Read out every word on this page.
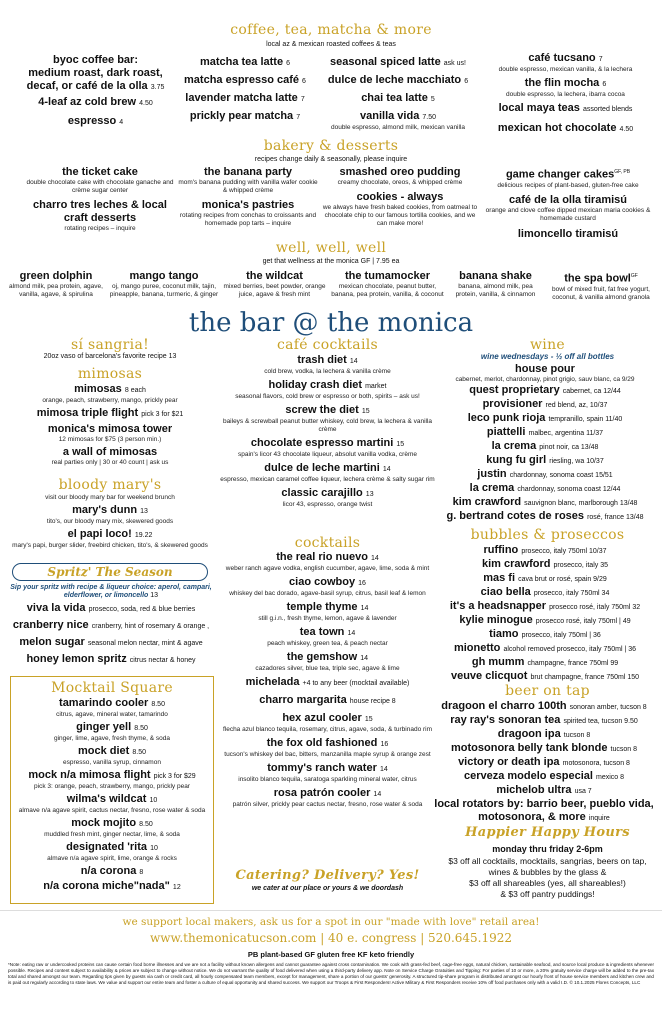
coffee, tea, matcha & more
local az & mexican roasted coffees & teas
byoc coffee bar:
medium roast, dark roast,
decaf, or café de la olla 3.75
4-leaf az cold brew 4.50
espresso 4
matcha tea latte 6
matcha espresso café 6
lavender matcha latte 7
prickly pear matcha 7
seasonal spiced latte ask us!
dulce de leche macchiato 6
chai tea latte 5
vanilla vida 7.50
double espresso, almond milk, mexican vanilla
café tucsano 7
double espresso, mexican vanilla, & la lechera
the flin mocha 6
double espresso, la lechera, ibarra cocoa
local maya teas assorted blends
mexican hot chocolate 4.50
bakery & desserts
recipes change daily & seasonally, please inquire
the ticket cake
double chocolate cake with chocolate ganache and crème sugar center
charro tres leches & local craft desserts
rotating recipes – inquire
the banana party
mom's banana pudding with vanilla wafer cookie & whipped crème
monica's pastries
rotating recipes from conchas to croissants and homemade pop tarts – inquire
smashed oreo pudding
creamy chocolate, oreos, & whipped crème
cookies - always
we always have fresh baked cookies, from oatmeal to chocolate chip to our famous tortilla cookies, and we can make more!
game changer cakes$^{GF, PB}$
delicious recipes of plant-based, gluten-free cake
café de la olla tiramisú
orange and clove coffee dipped mexican maria cookies & homemade custard
limoncello tiramisú
well, well, well
get that wellness at the monica GF | 7.95 ea
green dolphin
almond milk, pea protein, agave, vanilla, agave, & spirulina
mango tango
oj, mango puree, coconut milk, tajin, pineapple, banana, turmeric, & ginger
the wildcat
mixed berries, beet powder, orange juice, agave & fresh mint
the tumamocker
mexican chocolate, peanut butter, banana, pea protein, vanilla, & coconut
banana shake
banana, almond milk, pea protein, vanilla, & cinnamon
the spa bowl$^{GF}$
bowl of mixed fruit, fat free yogurt, coconut, & vanilla almond granola
the bar @ the monica
sí sangria!
20oz vaso of barcelona's favorite recipe 13
mimosas
mimosas 8 each
orange, peach, strawberry, mango, prickly pear
mimosa triple flight pick 3 for $21
monica's mimosa tower
12 mimosas for $75 (3 person min.)
a wall of mimosas
real parties only | 30 or 40 count | ask us
bloody mary's
visit our bloody mary bar for weekend brunch
mary's dunn 13
tito's, our bloody mary mix, skewered goods
el papi loco! 19.22
mary's papi, burger slider, freebird chicken, tito's, & skewered goods
Spritz' The Season
Sip your spritz with recipe & liqueur choice: aperol, campari, elderflower, or limoncello 13
viva la vida prosecco, soda, red & blue berries
cranberry nice cranberry, hint of rosemary & orange ,
melon sugar seasonal melon nectar, mint & agave
honey lemon spritz citrus nectar & honey
Mocktail Square
tamarindo cooler 8.50
citrus, agave, mineral water, tamarindo
ginger yell 8.50
ginger, lime, agave, fresh thyme, & soda
mock diet 8.50
espresso, vanilla syrup, cinnamon
mock n/a mimosa flight pick 3 for $29
pick 3: orange, peach, strawberry, mango, prickly pear
wilma's wildcat 10
almave n/a agave spirit, cactus nectar, fresno, rose water & soda
mock mojito 8.50
muddled fresh mint, ginger nectar, lime, & soda
designated 'rita 10
almave n/a agave spirit, lime, orange & rocks
n/a corona 8
n/a corona miche"nada" 12
café cocktails
trash diet 14
cold brew, vodka, la lechera & vanilla crème
holiday crash diet market
seasonal flavors, cold brew or espresso or both, spirits – ask us!
screw the diet 15
baileys & screwball peanut butter whiskey, cold brew, la lechera & vanilla crème
chocolate espresso martini 15
spain's licor 43 chocolate liqueur, absolut vanilla vodka, crème
dulce de leche martini 14
espresso, mexican caramel coffee liqueur, lechera crème & salty sugar rim
classic carajillo 13
licor 43, espresso, orange twist
cocktails
the real rio nuevo 14
weber ranch agave vodka, english cucumber, agave, lime, soda & mint
ciao cowboy 16
whiskey del bac dorado, agave-basil syrup, citrus, basil leaf & lemon
temple thyme 14
still g.i.n., fresh thyme, lemon, agave & lavender
tea town 14
peach whiskey, green tea, & peach nectar
the gemshow 14
cazadores silver, blue tea, triple sec, agave & lime
michelada +4 to any beer (mocktail available)
charro margarita house recipe 8
hex azul cooler 15
flecha azul blanco tequila, rosemary, citrus, agave, soda, & turbinado rim
the fox old fashioned 16
tucson's whiskey del bac, bitters, manzanilla maple syrup & orange zest
tommy's ranch water 14
insolito blanco tequila, saratoga sparkling mineral water, citrus
rosa patrón cooler 14
patrón silver, prickly pear cactus nectar, fresno, rose water & soda
Catering? Delivery? Yes!
we cater at our place or yours & we doordash
wine
wine wednesdays - ½ off all bottles
house pour
cabernet, merlot, chardonnay, pinot grigio, sauv blanc, ca 9/29
quest proprietary cabernet, ca 12/44
provisioner red blend, az, 10/37
leco punk rioja tempranillo, spain 11/40
piattelli malbec, argentina 11/37
la crema pinot noir, ca 13/48
kung fu girl riesling, wa 10/37
justin chardonnay, sonoma coast 15/51
la crema chardonnay, sonoma coast 12/44
kim crawford sauvignon blanc, marlborough 13/48
g. bertrand cotes de roses rosé, france 13/48
bubbles & proseccos
ruffino prosecco, italy 750ml 10/37
kim crawford prosecco, italy 35
mas fi cava brut or rosé, spain 9/29
ciao bella prosecco, italy 750ml 34
it's a headsnapper prosecco rosé, italy 750ml 32
kylie minogue prosecco rosé, italy 750ml | 49
tiamo prosecco, italy 750ml | 36
mionetto alcohol removed prosecco, italy 750ml | 36
gh mumm champagne, france 750ml 99
veuve clicquot brut champagne, france 750ml 150
beer on tap
dragoon el charro 100th sonoran amber, tucson 8
ray ray's sonoran tea spirited tea, tucson 9.50
dragoon ipa tucson 8
motosonora belly tank blonde tucson 8
victory or death ipa motosonora, tucson 8
cerveza modelo especial mexico 8
michelob ultra usa 7
local rotators by: barrio beer, pueblo vida, motosonora, & more inquire
Happier Happy Hours
monday thru friday 2-6pm
$3 off all cocktails, mocktails, sangrias, beers on tap, wines & bubbles by the glass &
$3 off all shareables (yes, all shareables!)
& $3 off pantry puddings!
we support local makers, ask us for a spot in our "made with love" retail area!
www.themonicatucson.com | 40 e. congress | 520.645.1922
PB plant-based GF gluten free KF keto friendly
*Note: eating raw or undercooked proteins can cause certain food borne illnesses and we are not a facility without known allergens and cannot guarantee against cross contamination. We cook with grass-fed beef, cage-free eggs, natural chicken, sustainable seafood, and source local produce & ingredients whenever possible. Recipes and content subject to availability & prices are subject to change without notice. We do not warrant the quality of food delivered when using a third-party delivery app. Note on Service Charge Gratuities and Tipping: For parties of 10 or more, a 20% gratuity service charge will be added to the pre-tax total and shared amongst our team. Regarding tips given by guests via cash or credit card, all hourly compensated team members, except for management, share a portion of our guests' generosity. A structured tip-share program is distributed amongst our hourly front of house service members and kitchen crew and is paid out regularly according to state laws. We value and support our entire team and foster a culture of equal opportunity and shared success. We support our Troops & First Responders! Active Military & First Responders receive 10% off food purchases only with a valid I.D. © 10.1.2025 Flores Concepts, LLC
